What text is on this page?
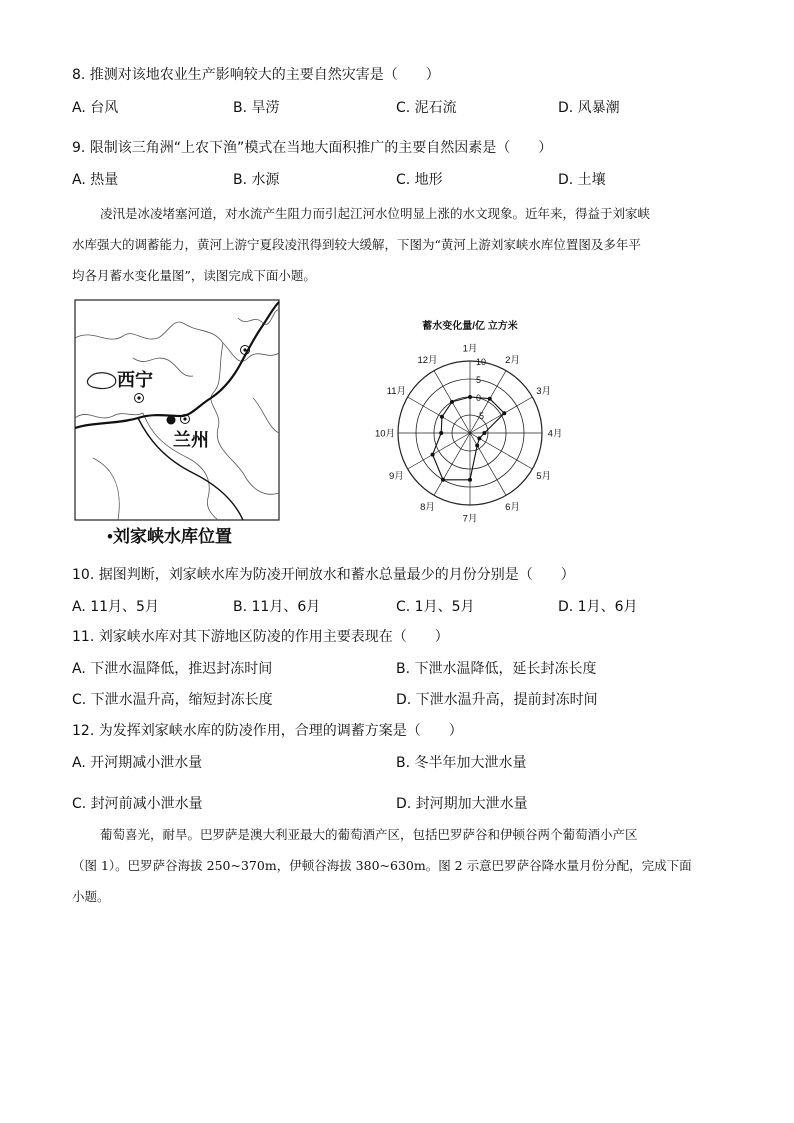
8. 推测对该地农业生产影响较大的主要自然灾害是（　　）
A. 台风	B. 旱涝	C. 泥石流	D. 风暴潮
9. 限制该三角洲“上农下渔”模式在当地大面积推广的主要自然因素是（　　）
A. 热量	B. 水源	C. 地形	D. 土壤
凌汛是冰凌堵塞河道，对水流产生阻力而引起江河水位明显上涨的水文现象。近年来，得益于刘家峡
水库强大的调蓄能力，黄河上游宁夏段凌汛得到较大缓解，下图为“黄河上游刘家峡水库位置图及多年平
均各月蓄水变化量图”，读图完成下面小题。
西宁
兰州
•刘家峡水库位置
蓄水变化量/亿 立方米
1月
2月
3月
4月
5月
6月
7月
8月
9月
10月
11月
12月	10
5
0
-5
10. 据图判断，刘家峡水库为防凌开闸放水和蓄水总量最少的月份分别是（　　）
A. 11月、5月	B. 11月、6月	C. 1月、5月	D. 1月、6月
11. 刘家峡水库对其下游地区防凌的作用主要表现在（　　）
A. 下泄水温降低，推迟封冻时间	B. 下泄水温降低，延长封冻长度
C. 下泄水温升高，缩短封冻长度	D. 下泄水温升高，提前封冻时间
12. 为发挥刘家峡水库的防凌作用，合理的调蓄方案是（　　）
A. 开河期减小泄水量	B. 冬半年加大泄水量
C. 封河前减小泄水量	D. 封河期加大泄水量
葡萄喜光，耐旱。巴罗萨是澳大利亚最大的葡萄酒产区，包括巴罗萨谷和伊顿谷两个葡萄酒小产区
（图 1）。巴罗萨谷海拔 250~370m，伊顿谷海拔 380~630m。图 2 示意巴罗萨谷降水量月份分配，完成下面
小题。
